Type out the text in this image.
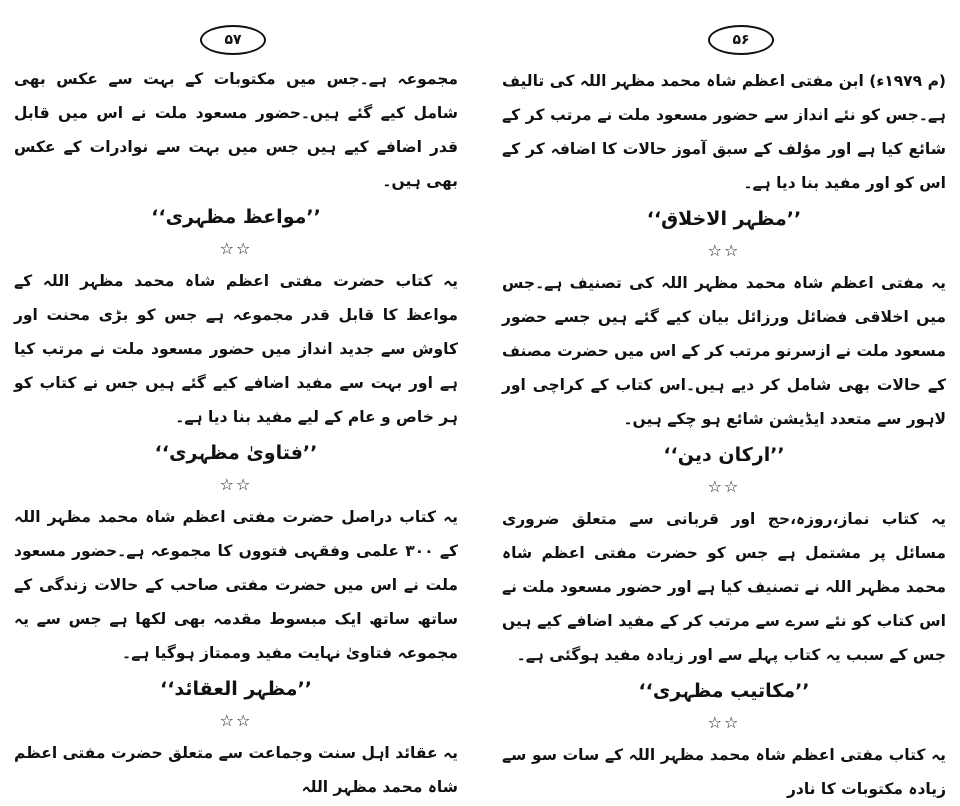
۵۷

مجموعہ ہے۔جس میں مکتوبات کے بہت سے عکس بھی شامل کیے گئے ہیں۔حضور مسعود ملت نے اس میں قابل قدر اضافے کیے ہیں جس میں بہت سے نوادرات کے عکس بھی ہیں۔

’’مواعظ مظہری‘‘
☆☆

یہ کتاب حضرت مفتی اعظم شاہ محمد مظہر اللہ کے مواعظ کا قابل قدر مجموعہ ہے جس کو بڑی محنت اور کاوش سے جدید انداز میں حضور مسعود ملت نے مرتب کیا ہے اور بہت سے مفید اضافے کیے گئے ہیں جس نے کتاب کو ہر خاص و عام کے لیے مفید بنا دیا ہے۔

’’فتاویٰ مظہری‘‘
☆☆

یہ کتاب دراصل حضرت مفتی اعظم شاہ محمد مظہر اللہ کے ۳۰۰ علمی وفقہی فتووں کا مجموعہ ہے۔حضور مسعود ملت نے اس میں حضرت مفتی صاحب کے حالات زندگی کے ساتھ ساتھ ایک مبسوط مقدمہ بھی لکھا ہے جس سے یہ مجموعہ فتاویٰ نہایت مفید وممتاز ہوگیا ہے۔

’’مظہر العقائد‘‘
☆☆

یہ عقائد اہل سنت وجماعت سے متعلق حضرت مفتی اعظم شاہ محمد مظہر اللہ

۵۶

(م ۱۹۷۹ء) ابن مفتی اعظم شاہ محمد مظہر اللہ کی تالیف ہے۔جس کو نئے انداز سے حضور مسعود ملت نے مرتب کر کے شائع کیا ہے اور مؤلف کے سبق آموز حالات کا اضافہ کر کے اس کو اور مفید بنا دیا ہے۔

’’مظہر الاخلاق‘‘
☆☆

یہ مفتی اعظم شاہ محمد مظہر اللہ کی تصنیف ہے۔جس میں اخلاقی فضائل ورزائل بیان کیے گئے ہیں جسے حضور مسعود ملت نے ازسرنو مرتب کر کے اس میں حضرت مصنف کے حالات بھی شامل کر دیے ہیں۔اس کتاب کے کراچی اور لاہور سے متعدد ایڈیشن شائع ہو چکے ہیں۔

’’ارکان دین‘‘
☆☆

یہ کتاب نماز،روزہ،حج اور قربانی سے متعلق ضروری مسائل پر مشتمل ہے جس کو حضرت مفتی اعظم شاہ محمد مظہر اللہ نے تصنیف کیا ہے اور حضور مسعود ملت نے اس کتاب کو نئے سرے سے مرتب کر کے مفید اضافے کیے ہیں جس کے سبب یہ کتاب پہلے سے اور زیادہ مفید ہوگئی ہے۔

’’مکاتیب مظہری‘‘
☆☆

یہ کتاب مفتی اعظم شاہ محمد مظہر اللہ کے سات سو سے زیادہ مکتوبات کا نادر
